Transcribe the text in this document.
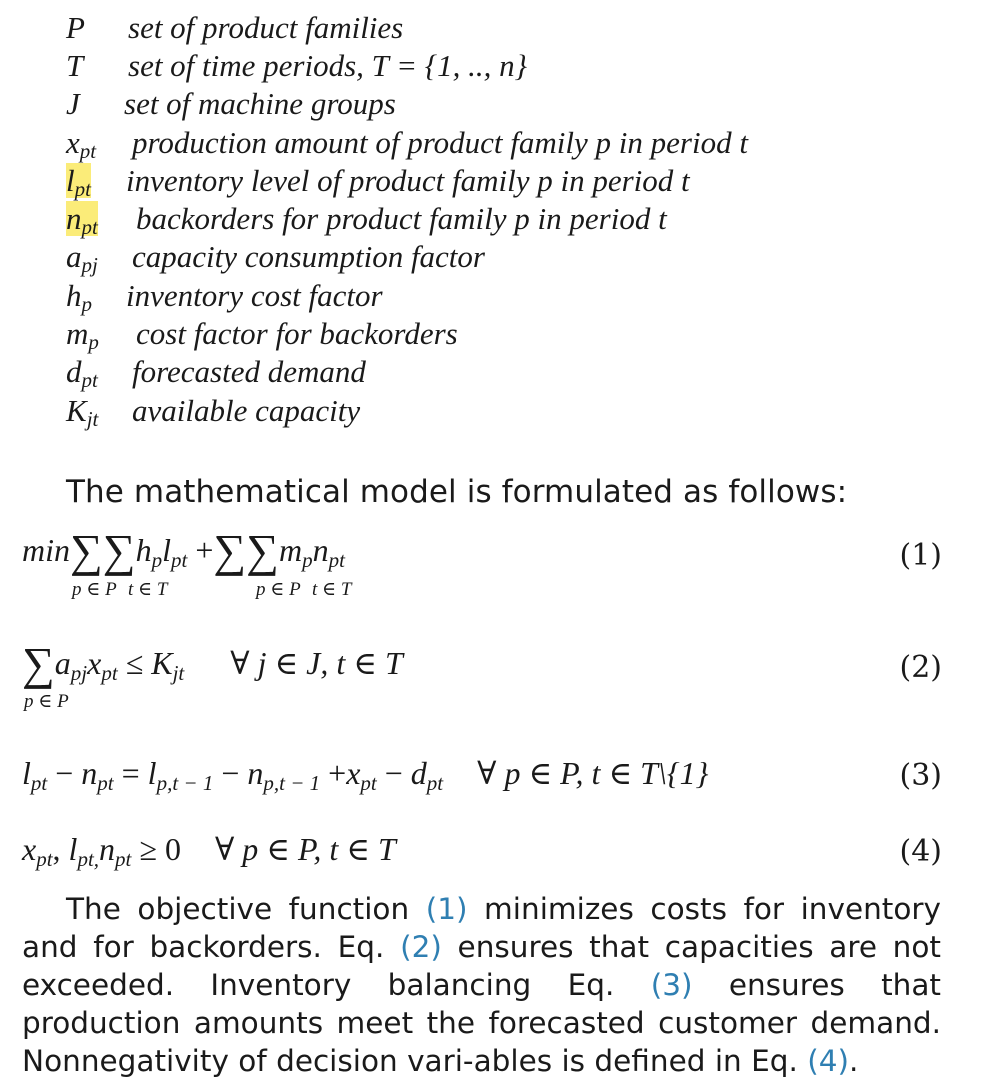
P set of product families
T set of time periods, T = {1, .., n}
J set of machine groups
$x_{pt}$ production amount of product family p in period t
$l_{pt}$ inventory level of product family p in period t
$n_{pt}$ backorders for product family p in period t
$a_{pj}$ capacity consumption factor
$h_p$ inventory cost factor
$m_p$ cost factor for backorders
$d_{pt}$ forecasted demand
$K_{jt}$ available capacity
The mathematical model is formulated as follows:
$\min\sum\sum h_pl_{pt} +\sum\sum m_pn_{pt}$
p ∈ P t ∈ T	p ∈ P t ∈ T
(1)
$\sum a_{pj}x_{pt} \le K_{jt}$ ∀ j ∈ J, t ∈ T
p ∈ P
(2)
$l_{pt} - n_{pt} = l_{p,t - 1} - n_{p,t - 1} +x_{pt} - d_{pt}$ ∀ p ∈ P, t ∈ T\{1}	(3)
$x_{pt}$, $l_{pt,}n_{pt} \ge 0$ ∀ p ∈ P, t ∈ T	(4)
The objective function (1) minimizes costs for inventory and for backorders. Eq. (2) ensures that capacities are not exceeded. Inventory balancing Eq. (3) ensures that production amounts meet the forecasted customer demand. Nonnegativity of decision vari-ables is defined in Eq. (4).
